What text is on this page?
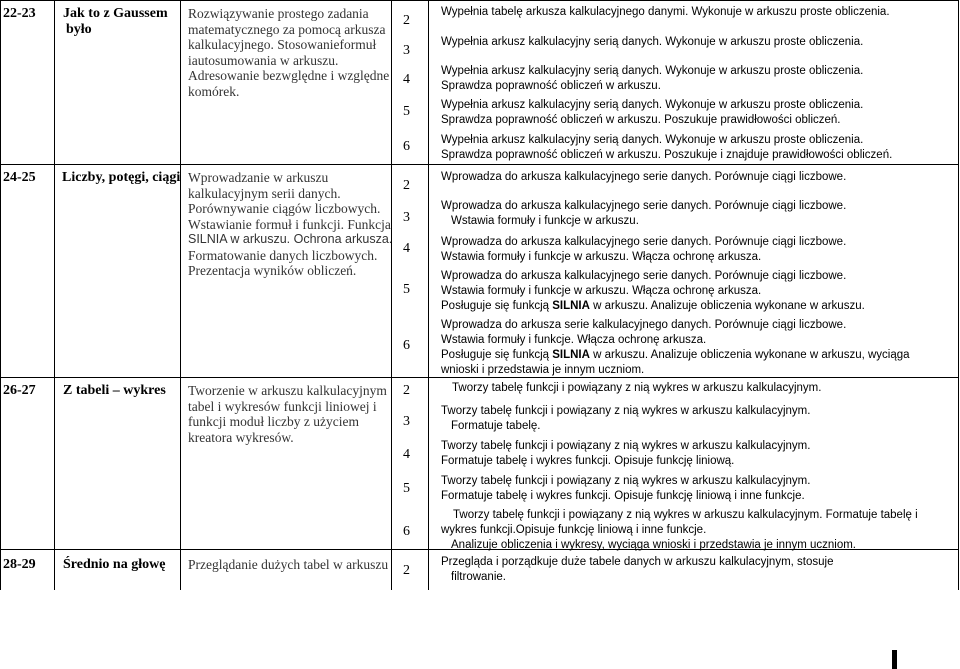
22-23 Jak to z Gaussem
było
Rozwiązywanie prostego zadania
matematycznego za pomocą arkusza
kalkulacyjnego. Stosowanieformuł
iautosumowania w arkuszu.
Adresowanie bezwględne i względne
komórek.
2
3
4
5
6
Wypełnia tabelę arkusza kalkulacyjnego danymi. Wykonuje w arkuszu proste obliczenia.
Wypełnia arkusz kalkulacyjny serią danych. Wykonuje w arkuszu proste obliczenia.
Wypełnia arkusz kalkulacyjny serią danych. Wykonuje w arkuszu proste obliczenia.
Sprawdza poprawność obliczeń w arkuszu.
Wypełnia arkusz kalkulacyjny serią danych. Wykonuje w arkuszu proste obliczenia.
Sprawdza poprawność obliczeń w arkuszu. Poszukuje prawidłowości obliczeń.
Wypełnia arkusz kalkulacyjny serią danych. Wykonuje w arkuszu proste obliczenia.
Sprawdza poprawność obliczeń w arkuszu. Poszukuje i znajduje prawidłowości obliczeń.
24-25 Liczby, potęgi, ciągi Wprowadzanie w arkuszu
kalkulacyjnym serii danych.
Porównywanie ciągów liczbowych.
Wstawianie formuł i funkcji. Funkcja
SILNIA w arkuszu. Ochrona arkusza.
Formatowanie danych liczbowych.
Prezentacja wyników obliczeń.
2
3
4
5
6
Wprowadza do arkusza kalkulacyjnego serie danych. Porównuje ciągi liczbowe.
Wprowadza do arkusza kalkulacyjnego serie danych. Porównuje ciągi liczbowe.
Wstawia formuły i funkcje w arkuszu.
Wprowadza do arkusza kalkulacyjnego serie danych. Porównuje ciągi liczbowe.
Wstawia formuły i funkcje w arkuszu. Włącza ochronę arkusza.
Wprowadza do arkusza kalkulacyjnego serie danych. Porównuje ciągi liczbowe.
Wstawia formuły i funkcje w arkuszu. Włącza ochronę arkusza.
Posługuje się funkcją SILNIA w arkuszu. Analizuje obliczenia wykonane w arkuszu.
Wprowadza do arkusza serie kalkulacyjnego danych. Porównuje ciągi liczbowe.
Wstawia formuły i funkcje. Włącza ochronę arkusza.
Posługuje się funkcją SILNIA w arkuszu. Analizuje obliczenia wykonane w arkuszu, wyciąga
wnioski i przedstawia je innym uczniom.
26-27 Z tabeli – wykres Tworzenie w arkuszu kalkulacyjnym
tabel i wykresów funkcji liniowej i
funkcji moduł liczby z użyciem
kreatora wykresów.
2
3
4
5
6
Tworzy tabelę funkcji i powiązany z nią wykres w arkuszu kalkulacyjnym.
Tworzy tabelę funkcji i powiązany z nią wykres w arkuszu kalkulacyjnym.
Formatuje tabelę.
Tworzy tabelę funkcji i powiązany z nią wykres w arkuszu kalkulacyjnym.
Formatuje tabelę i wykres funkcji. Opisuje funkcję liniową.
Tworzy tabelę funkcji i powiązany z nią wykres w arkuszu kalkulacyjnym.
Formatuje tabelę i wykres funkcji. Opisuje funkcję liniową i inne funkcje.
Tworzy tabelę funkcji i powiązany z nią wykres w arkuszu kalkulacyjnym. Formatuje tabelę i
wykres funkcji.Opisuje funkcję liniową i inne funkcje.
Analizuje obliczenia i wykresy, wyciąga wnioski i przedstawia je innym uczniom.
28-29 Średnio na głowę Przeglądanie dużych tabel w arkuszu 2
Przegląda i porządkuje duże tabele danych w arkuszu kalkulacyjnym, stosuje
filtrowanie.
